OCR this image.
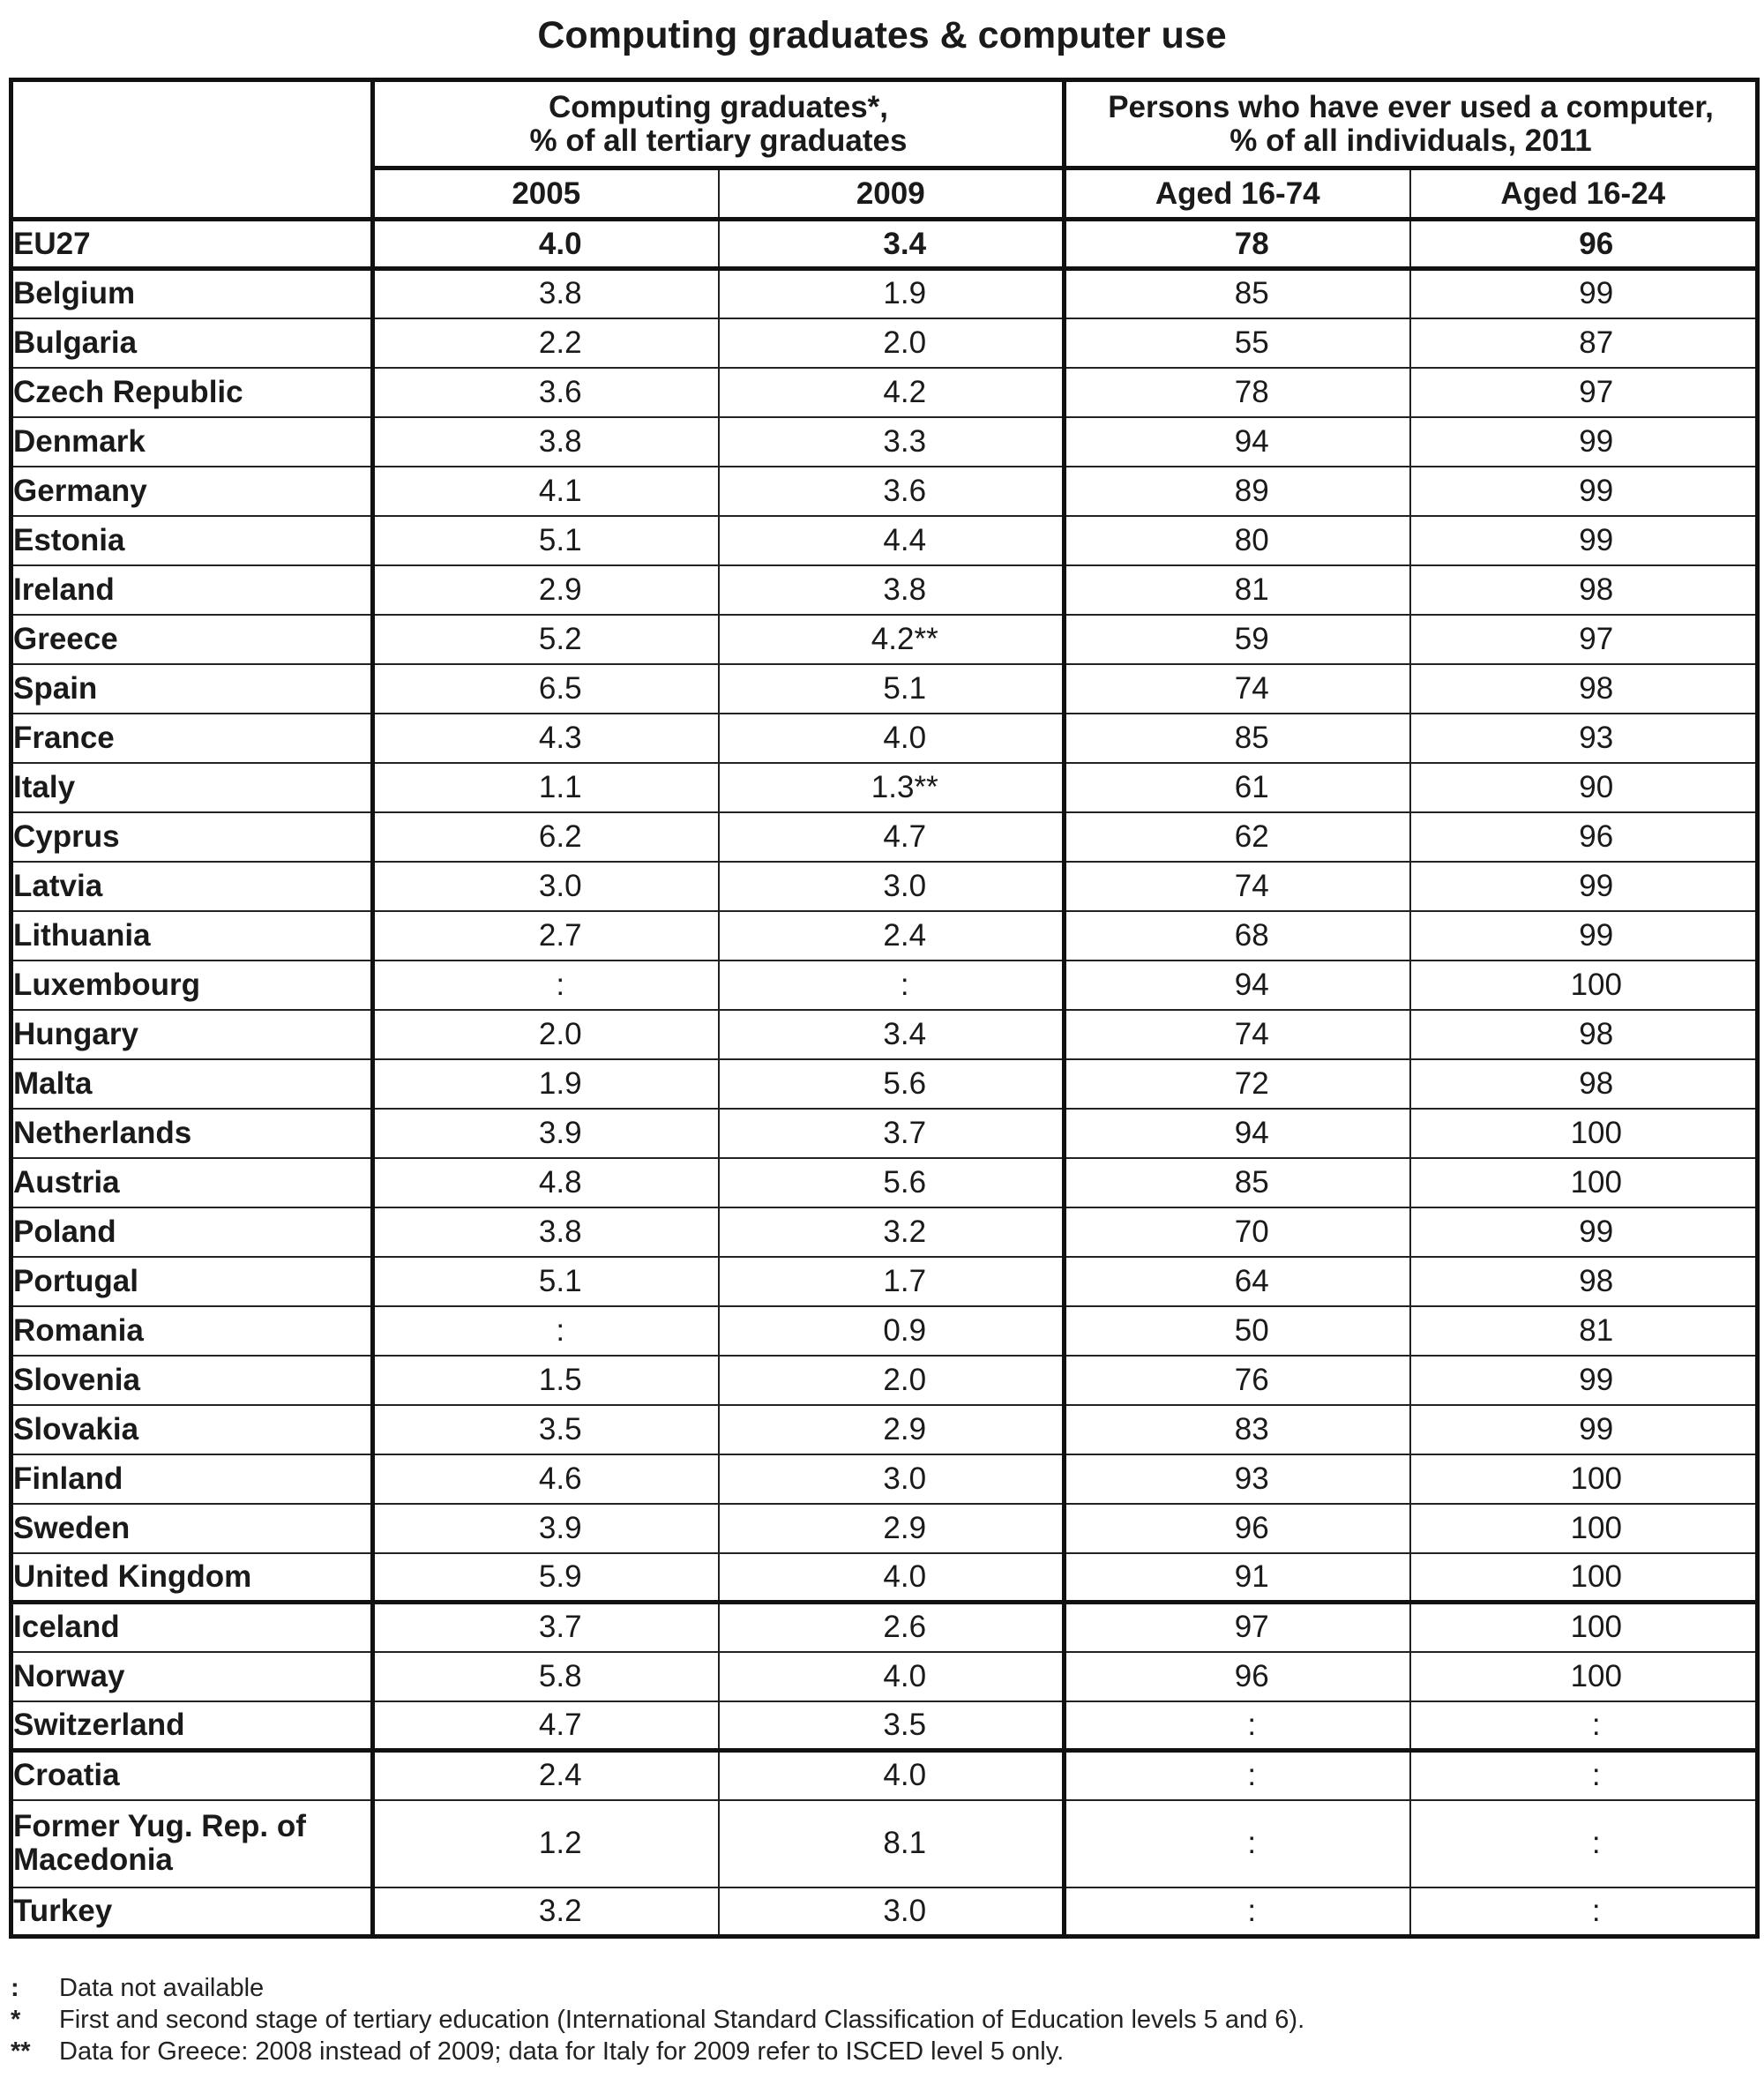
Computing graduates & computer use
	Computing graduates*,
% of all tertiary graduates		Persons who have ever used a computer,
% of all individuals, 2011	
	2005	2009	Aged 16-74	Aged 16-24
EU27	4.0	3.4	78	96
Belgium	3.8	1.9	85	99
Bulgaria	2.2	2.0	55	87
Czech Republic	3.6	4.2	78	97
Denmark	3.8	3.3	94	99
Germany	4.1	3.6	89	99
Estonia	5.1	4.4	80	99
Ireland	2.9	3.8	81	98
Greece	5.2	4.2**	59	97
Spain	6.5	5.1	74	98
France	4.3	4.0	85	93
Italy	1.1	1.3**	61	90
Cyprus	6.2	4.7	62	96
Latvia	3.0	3.0	74	99
Lithuania	2.7	2.4	68	99
Luxembourg	:	:	94	100
Hungary	2.0	3.4	74	98
Malta	1.9	5.6	72	98
Netherlands	3.9	3.7	94	100
Austria	4.8	5.6	85	100
Poland	3.8	3.2	70	99
Portugal	5.1	1.7	64	98
Romania	:	0.9	50	81
Slovenia	1.5	2.0	76	99
Slovakia	3.5	2.9	83	99
Finland	4.6	3.0	93	100
Sweden	3.9	2.9	96	100
United Kingdom	5.9	4.0	91	100
Iceland	3.7	2.6	97	100
Norway	5.8	4.0	96	100
Switzerland	4.7	3.5	:	:
Croatia	2.4	4.0	:	:
Former Yug. Rep. of
Macedonia	1.2	8.1	:	:
Turkey	3.2	3.0	:	:
:	Data not available
*	First and second stage of tertiary education (International Standard Classification of Education levels 5 and 6).
**	Data for Greece: 2008 instead of 2009; data for Italy for 2009 refer to ISCED level 5 only.
